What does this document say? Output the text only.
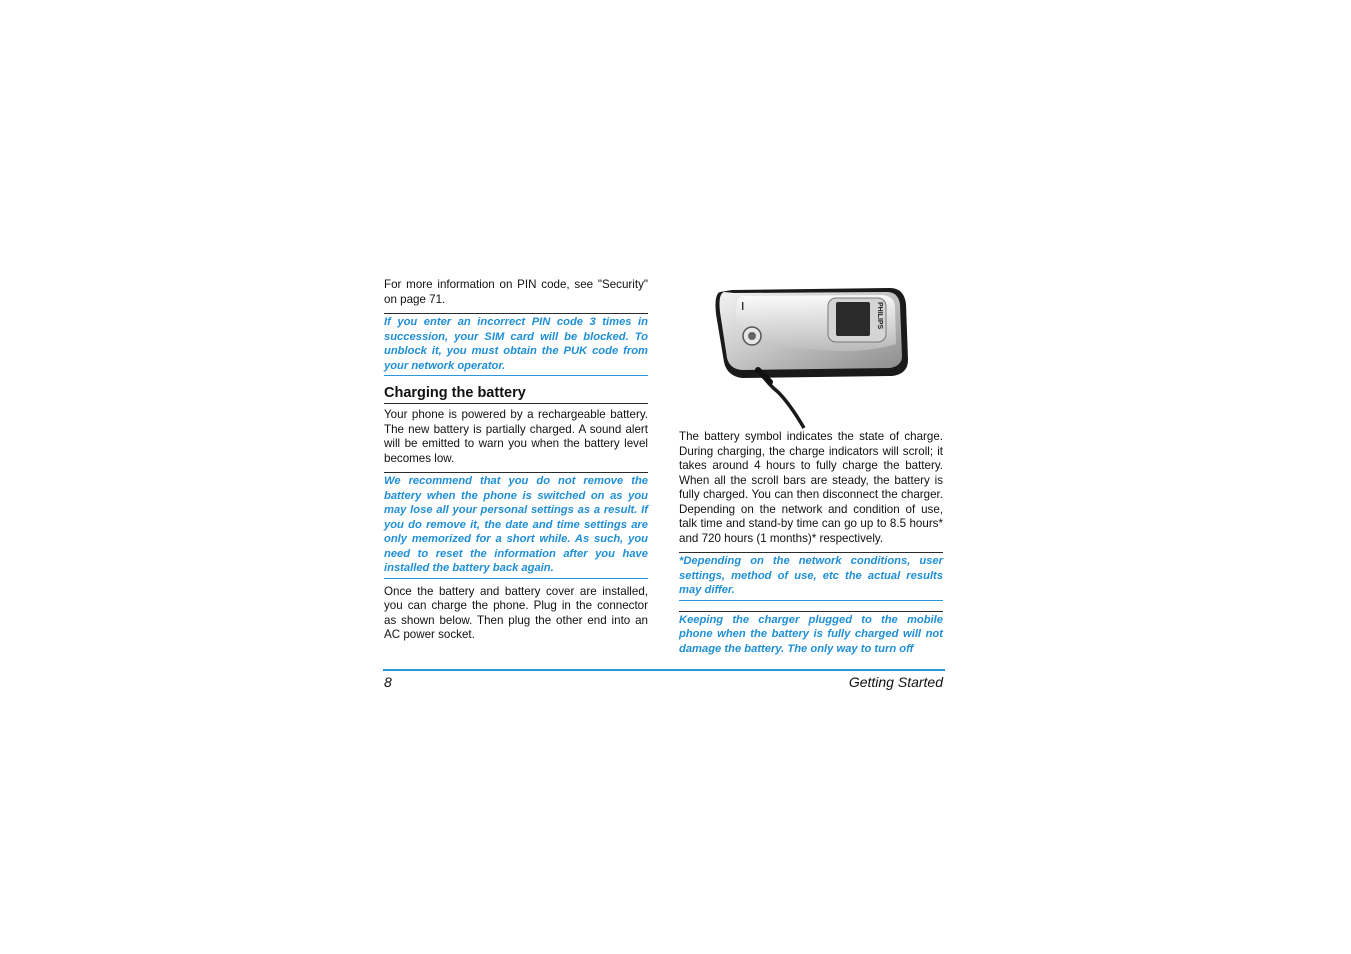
For more information on PIN code, see "Security" on page 71.

If you enter an incorrect PIN code 3 times in succession, your SIM card will be blocked. To unblock it, you must obtain the PUK code from your network operator.
Charging the battery

Your phone is powered by a rechargeable battery. The new battery is partially charged. A sound alert will be emitted to warn you when the battery level becomes low.

We recommend that you do not remove the battery when the phone is switched on as you may lose all your personal settings as a result. If you do remove it, the date and time settings are only memorized for a short while. As such, you need to reset the information after you have installed the battery back again.

Once the battery and battery cover are installed, you can charge the phone. Plug in the connector as shown below. Then plug the other end into an AC power socket.

PHILIPS

The battery symbol indicates the state of charge. During charging, the charge indicators will scroll; it takes around 4 hours to fully charge the battery. When all the scroll bars are steady, the battery is fully charged. You can then disconnect the charger. Depending on the network and condition of use, talk time and stand-by time can go up to 8.5 hours* and 720 hours (1 months)* respectively.

*Depending on the network conditions, user settings, method of use, etc the actual results may differ.
Keeping the charger plugged to the mobile phone when the battery is fully charged will not damage the battery. The only way to turn off
8	Getting Started
